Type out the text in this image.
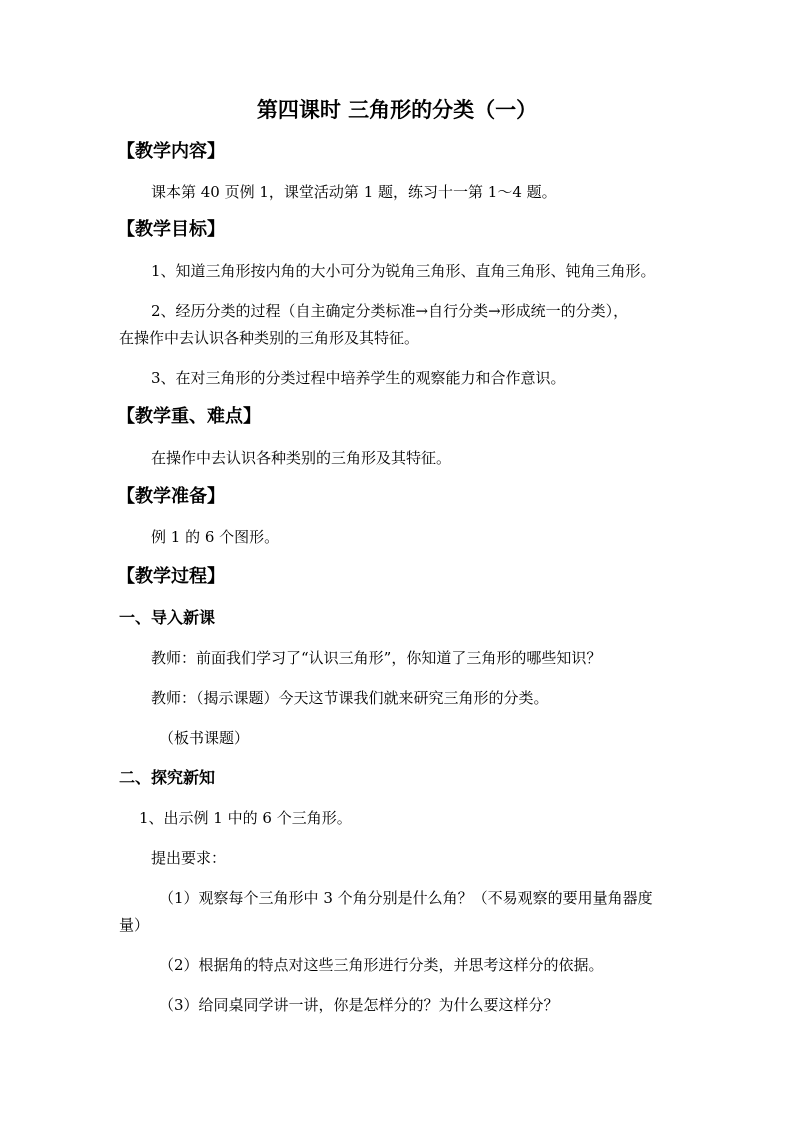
第四课时 三角形的分类（一）
【教学内容】
课本第 40 页例 1，课堂活动第 1 题，练习十一第 1～4 题。
【教学目标】
1、知道三角形按内角的大小可分为锐角三角形、直角三角形、钝角三角形。
2、经历分类的过程（自主确定分类标准→自行分类→形成统一的分类），
在操作中去认识各种类别的三角形及其特征。
3、在对三角形的分类过程中培养学生的观察能力和合作意识。
【教学重、难点】
在操作中去认识各种类别的三角形及其特征。
【教学准备】
例 1 的 6 个图形。
【教学过程】
一、导入新课
教师：前面我们学习了“认识三角形”，你知道了三角形的哪些知识？
教师：（揭示课题）今天这节课我们就来研究三角形的分类。
（板书课题）
二、探究新知
1、出示例 1 中的 6 个三角形。
提出要求：
（1）观察每个三角形中 3 个角分别是什么角？（不易观察的要用量角器度
量）
（2）根据角的特点对这些三角形进行分类，并思考这样分的依据。
（3）给同桌同学讲一讲，你是怎样分的？为什么要这样分？
